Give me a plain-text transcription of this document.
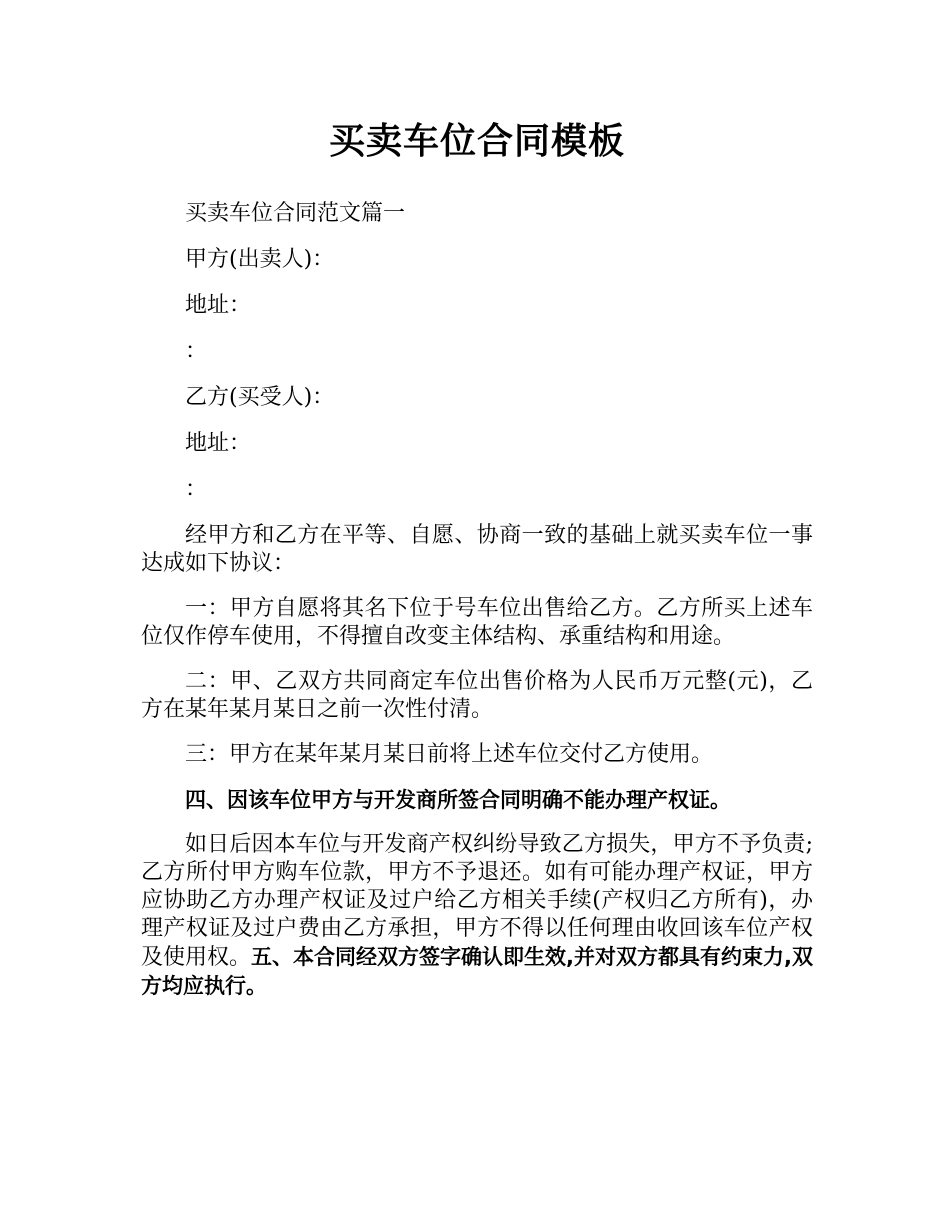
买卖车位合同模板

买卖车位合同范文篇一

甲方(出卖人)：

地址：

：

乙方(买受人)：

地址：

：

经甲方和乙方在平等、自愿、协商一致的基础上就买卖车位一事达成如下协议：

一：甲方自愿将其名下位于号车位出售给乙方。乙方所买上述车位仅作停车使用，不得擅自改变主体结构、承重结构和用途。

二：甲、乙双方共同商定车位出售价格为人民币万元整(元)，乙方在某年某月某日之前一次性付清。

三：甲方在某年某月某日前将上述车位交付乙方使用。

四、因该车位甲方与开发商所签合同明确不能办理产权证。

如日后因本车位与开发商产权纠纷导致乙方损失，甲方不予负责;乙方所付甲方购车位款，甲方不予退还。如有可能办理产权证，甲方应协助乙方办理产权证及过户给乙方相关手续(产权归乙方所有)，办理产权证及过户费由乙方承担，甲方不得以任何理由收回该车位产权及使用权。五、本合同经双方签字确认即生效,并对双方都具有约束力,双方均应执行。
